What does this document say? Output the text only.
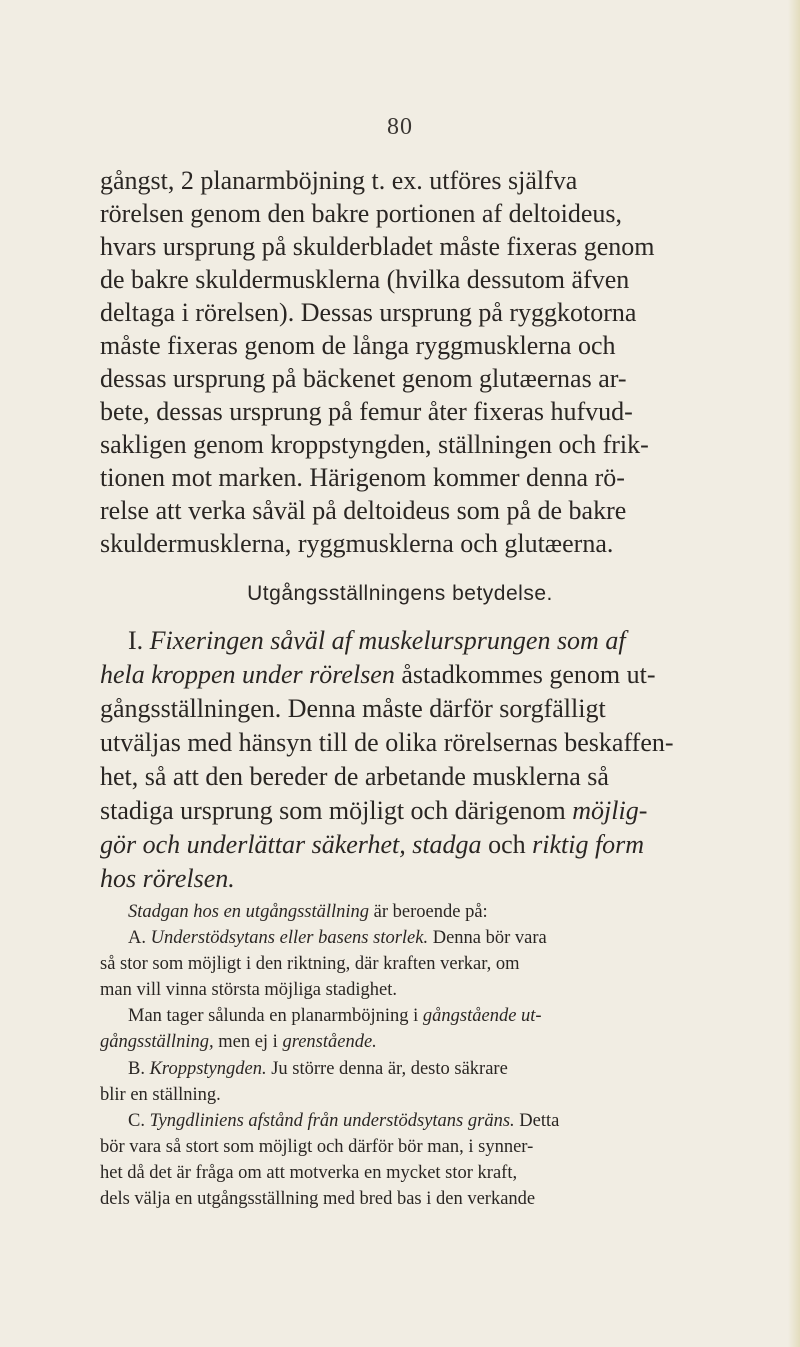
80
gångst, 2 planarmböjning t. ex. utföres själfva
rörelsen genom den bakre portionen af deltoideus,
hvars ursprung på skulderbladet måste fixeras genom
de bakre skuldermusklerna (hvilka dessutom äfven
deltaga i rörelsen). Dessas ursprung på ryggkotorna
måste fixeras genom de långa ryggmusklerna och
dessas ursprung på bäckenet genom glutæernas ar-
bete, dessas ursprung på femur åter fixeras hufvud-
sakligen genom kroppstyngden, ställningen och frik-
tionen mot marken. Härigenom kommer denna rö-
relse att verka såväl på deltoideus som på de bakre
skuldermusklerna, ryggmusklerna och glutæerna.
Utgångsställningens betydelse.
I. Fixeringen såväl af muskelursprungen som af
hela kroppen under rörelsen åstadkommes genom ut-
gångsställningen. Denna måste därför sorgfälligt
utväljas med hänsyn till de olika rörelsernas beskaffen-
het, så att den bereder de arbetande musklerna så
stadiga ursprung som möjligt och därigenom möjlig-
gör och underlättar säkerhet, stadga och riktig form
hos rörelsen.
Stadgan hos en utgångsställning är beroende på:
A. Understödsytans eller basens storlek. Denna bör vara
så stor som möjligt i den riktning, där kraften verkar, om
man vill vinna största möjliga stadighet.
Man tager sålunda en planarmböjning i gångstående ut-
gångsställning, men ej i grenstående.
B. Kroppstyngden. Ju större denna är, desto säkrare
blir en ställning.
C. Tyngdliniens afstånd från understödsytans gräns. Detta
bör vara så stort som möjligt och därför bör man, i synner-
het då det är fråga om att motverka en mycket stor kraft,
dels välja en utgångsställning med bred bas i den verkande
